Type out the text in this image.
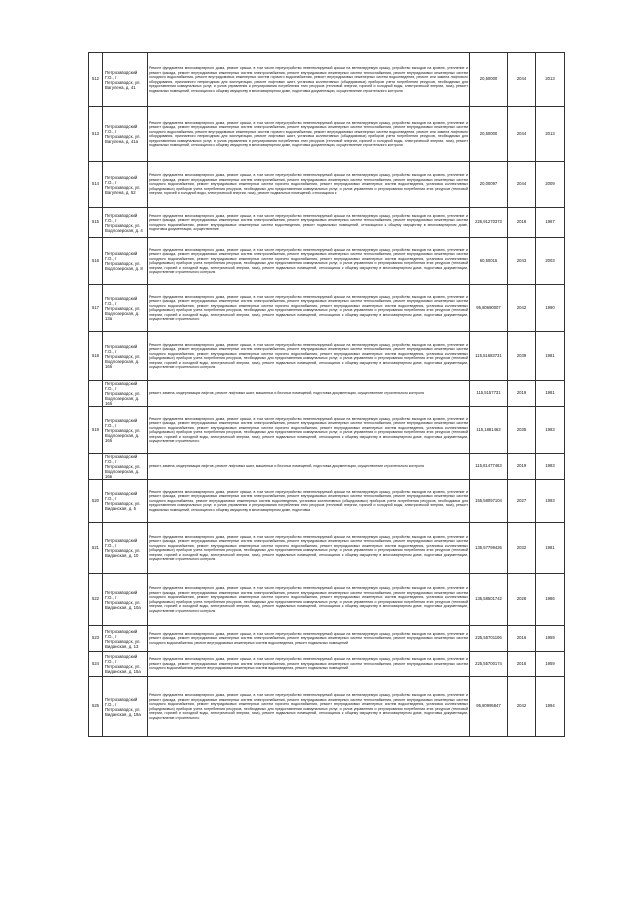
512	Петрозаводский Г.О., г Петрозаводск, ул. Вагулена, д. 41	Ремонт фундамента многоквартирного дома, ремонт крыши, в том числе переустройство невентилируемой крыши на вентилируемую крышу, устройство выходов на кровлю, утепление и ремонт фасада, ремонт внутридомовых инженерных систем электроснабжения, ремонт внутридомовых инженерных систем теплоснабжения, ремонт внутридомовых инженерных систем холодного водоснабжения, ремонт внутридомовых инженерных систем горячего водоснабжения, ремонт внутридомовых инженерных систем водоотведения, ремонт или замена лифтового оборудования, признанного непригодным для эксплуатации, ремонт лифтовых шахт, установка коллективных (общедомовых) приборов учета потребления ресурсов, необходимых для предоставления коммунальных услуг, и узлов управления и регулирования потребления этих ресурсов (тепловой энергии, горячей и холодной воды, электрической энергии, газа), ремонт подвальных помещений, относящихся к общему имуществу в многоквартирном доме, подготовка документации, осуществление строительного контроля	20,50000	2044	2013
513	Петрозаводский Г.О., г Петрозаводск, ул. Вагулена, д. 41а	Ремонт фундамента многоквартирного дома, ремонт крыши, в том числе переустройство невентилируемой крыши на вентилируемую крышу, устройство выходов на кровлю, утепление и ремонт фасада, ремонт внутридомовых инженерных систем электроснабжения, ремонт внутридомовых инженерных систем теплоснабжения, ремонт внутридомовых инженерных систем холодного водоснабжения, ремонт внутридомовых инженерных систем горячего водоснабжения, ремонт внутридомовых инженерных систем водоотведения, ремонт или замена лифтового оборудования, признанного непригодным для эксплуатации, ремонт лифтовых шахт, установка коллективных (общедомовых) приборов учета потребления ресурсов, необходимых для предоставления коммунальных услуг, и узлов управления и регулирования потребления этих ресурсов (тепловой энергии, горячей и холодной воды, электрической энергии, газа), ремонт подвальных помещений, относящихся к общему имуществу в многоквартирном доме, подготовка документации, осуществление строительного контроля	20,50000	2044	2013
514	Петрозаводский Г.О., г Петрозаводск, ул. Вагулена, д. 52	Ремонт фундамента многоквартирного дома, ремонт крыши, в том числе переустройство невентилируемой крыши на вентилируемую крышу, устройство выходов на кровлю, утепление и ремонт фасада, ремонт внутридомовых инженерных систем электроснабжения, ремонт внутридомовых инженерных систем теплоснабжения, ремонт внутридомовых инженерных систем холодного водоснабжения, ремонт внутридомовых инженерных систем горячего водоснабжения, ремонт внутридомовых инженерных систем водоотведения, установка коллективных (общедомовых) приборов учета потребления ресурсов, необходимых для предоставления коммунальных услуг, и узлов управления и регулирования потребления этих ресурсов (тепловой энергии, горячей и холодной воды, электрической энергии, газа), ремонт подвальных помещений, относящихся к	20,00097	2044	2009
515	Петрозаводский Г.О., г Петрозаводск, ул. Водлозерская, д. 4	Ремонт фундамента многоквартирного дома, ремонт крыши, в том числе переустройство невентилируемой крыши на вентилируемую крышу, устройство выходов на кровлю, утепление и ремонт фасада, ремонт внутридомовых инженерных систем электроснабжения, ремонт внутридомовых инженерных систем теплоснабжения, ремонт внутридомовых инженерных систем холодного водоснабжения, ремонт внутридомовых инженерных систем водоотведения, ремонт подвальных помещений, относящихся к общему имуществу в многоквартирном доме, подготовка документации, осуществление	226,91270373	2018	1967
516	Петрозаводский Г.О., г Петрозаводск, ул. Водлозерская, д. 8	Ремонт фундамента многоквартирного дома, ремонт крыши, в том числе переустройство невентилируемой крыши на вентилируемую крышу, устройство выходов на кровлю, утепление и ремонт фасада, ремонт внутридомовых инженерных систем электроснабжения, ремонт внутридомовых инженерных систем теплоснабжения, ремонт внутридомовых инженерных систем холодного водоснабжения, ремонт внутридомовых инженерных систем горячего водоснабжения, ремонт внутридомовых инженерных систем водоотведения, установка коллективных (общедомовых) приборов учета потребления ресурсов, необходимых для предоставления коммунальных услуг, и узлов управления и регулирования потребления этих ресурсов (тепловой энергии, горячей и холодной воды, электрической энергии, газа), ремонт подвальных помещений, относящихся к общему имуществу в многоквартирном доме, подготовка документации, осуществление строительного контроля	60,50015	2043	2003
517	Петрозаводский Г.О., г Петрозаводск, ул. Водлозерская, д. 13а	Ремонт фундамента многоквартирного дома, ремонт крыши, в том числе переустройство невентилируемой крыши на вентилируемую крышу, устройство выходов на кровлю, утепление и ремонт фасада, ремонт внутридомовых инженерных систем электроснабжения, ремонт внутридомовых инженерных систем теплоснабжения, ремонт внутридомовых инженерных систем холодного водоснабжения, ремонт внутридомовых инженерных систем горячего водоснабжения, ремонт внутридомовых инженерных систем водоотведения, установка коллективных (общедомовых) приборов учета потребления ресурсов, необходимых для предоставления коммунальных услуг, и узлов управления и регулирования потребления этих ресурсов (тепловой энергии, горячей и холодной воды, электрической энергии, газа), ремонт подвальных помещений, относящихся к общему имуществу в многоквартирном доме, подготовка документации, осуществление строительного	95,80690007	2042	1990
518	Петрозаводский Г.О., г Петрозаводск, ул. Водлозерская, д. 16б	Ремонт фундамента многоквартирного дома, ремонт крыши, в том числе переустройство невентилируемой крыши на вентилируемую крышу, устройство выходов на кровлю, утепление и ремонт фасада, ремонт внутридомовых инженерных систем электроснабжения, ремонт внутридомовых инженерных систем теплоснабжения, ремонт внутридомовых инженерных систем холодного водоснабжения, ремонт внутридомовых инженерных систем горячего водоснабжения, ремонт внутридомовых инженерных систем водоотведения, установка коллективных (общедомовых) приборов учета потребления ресурсов, необходимых для предоставления коммунальных услуг, и узлов управления и регулирования потребления этих ресурсов (тепловой энергии, горячей и холодной воды, электрической энергии, газа), ремонт подвальных помещений, относящихся к общему имуществу в многоквартирном доме, подготовка документации, осуществление строительного контроля	115,51683731	2039	1981
	Петрозаводский Г.О., г Петрозаводск, ул. Водлозерская, д. 16б	ремонт, замена, модернизация лифтов, ремонт лифтовых шахт, машинных и блочных помещений, подготовка документации, осуществление строительного контроля	115,5157731	2019	1981
519	Петрозаводский Г.О., г Петрозаводск, ул. Водлозерская, д. 16б	Ремонт фундамента многоквартирного дома, ремонт крыши, в том числе переустройство невентилируемой крыши на вентилируемую крышу, устройство выходов на кровлю, утепление и ремонт фасада, ремонт внутридомовых инженерных систем электроснабжения, ремонт внутридомовых инженерных систем теплоснабжения, ремонт внутридомовых инженерных систем холодного водоснабжения, ремонт внутридомовых инженерных систем горячего водоснабжения, ремонт внутридомовых инженерных систем водоотведения, установка коллективных (общедомовых) приборов учета потребления ресурсов, необходимых для предоставления коммунальных услуг, и узлов управления и регулирования потребления этих ресурсов (тепловой энергии, горячей и холодной воды, электрической энергии, газа), ремонт подвальных помещений, относящихся к общему имуществу в многоквартирном доме, подготовка документации, осуществление строительного	115,1881463	2035	1983
	Петрозаводский Г.О., г Петрозаводск, ул. Водлозерская, д. 16в	ремонт, замена, модернизация лифтов, ремонт лифтовых шахт, машинных и блочных помещений, подготовка документации, осуществление строительного контроля	115,81477463	2019	1983
520	Петрозаводский Г.О., г Петрозаводск, ул. Виданская, д. 5	Ремонт фундамента многоквартирного дома, ремонт крыши, в том числе переустройство невентилируемой крыши на вентилируемую крышу, устройство выходов на кровлю, утепление и ремонт фасада, ремонт внутридомовых инженерных систем электроснабжения, ремонт внутридомовых инженерных систем теплоснабжения, ремонт внутридомовых инженерных систем холодного водоснабжения, ремонт внутридомовых инженерных систем водоотведения, установка коллективных (общедомовых) приборов учета потребления ресурсов, необходимых для предоставления коммунальных услуг, и узлов управления и регулирования потребления этих ресурсов (тепловой энергии, горячей и холодной воды, электрической энергии, газа), ремонт подвальных помещений, относящихся к общему имуществу в многоквартирном доме, подготовка	155,58097104	2027	1993
521	Петрозаводский Г.О., г Петрозаводск, ул. Виданская, д. 10	Ремонт фундамента многоквартирного дома, ремонт крыши, в том числе переустройство невентилируемой крыши на вентилируемую крышу, устройство выходов на кровлю, утепление и ремонт фасада, ремонт внутридомовых инженерных систем электроснабжения, ремонт внутридомовых инженерных систем теплоснабжения, ремонт внутридомовых инженерных систем холодного водоснабжения, ремонт внутридомовых инженерных систем горячего водоснабжения, ремонт внутридомовых инженерных систем водоотведения, установка коллективных (общедомовых) приборов учета потребления ресурсов, необходимых для предоставления коммунальных услуг, и узлов управления и регулирования потребления этих ресурсов (тепловой энергии, горячей и холодной воды, электрической энергии, газа), ремонт подвальных помещений, относящихся к общему имуществу в многоквартирном доме, подготовка документации, осуществление строительного контроля	135,57799426	2032	1981
522	Петрозаводский Г.О., г Петрозаводск, ул. Виданская, д. 10а	Ремонт фундамента многоквартирного дома, ремонт крыши, в том числе переустройство невентилируемой крыши на вентилируемую крышу, устройство выходов на кровлю, утепление и ремонт фасада, ремонт внутридомовых инженерных систем электроснабжения, ремонт внутридомовых инженерных систем теплоснабжения, ремонт внутридомовых инженерных систем холодного водоснабжения, ремонт внутридомовых инженерных систем горячего водоснабжения, ремонт внутридомовых инженерных систем водоотведения, установка коллективных (общедомовых) приборов учета потребления ресурсов, необходимых для предоставления коммунальных услуг, и узлов управления и регулирования потребления этих ресурсов (тепловой энергии, горячей и холодной воды, электрической энергии, газа), ремонт подвальных помещений, относящихся к общему имуществу в многоквартирном доме, подготовка документации, осуществление строительного контроля	135,58501742	2028	1986
523	Петрозаводский Г.О., г Петрозаводск, ул. Виданская, д. 13	Ремонт фундамента многоквартирного дома, ремонт крыши, в том числе переустройство невентилируемой крыши на вентилируемую крышу, устройство выходов на кровлю, утепление и ремонт фасада, ремонт внутридомовых инженерных систем электроснабжения, ремонт внутридомовых инженерных систем теплоснабжения, ремонт внутридомовых инженерных систем холодного водоснабжения, ремонт внутридомовых инженерных систем водоотведения, ремонт подвальных помещений	225,55701106	2016	1959
524	Петрозаводский Г.О., г Петрозаводск, ул. Виданская, д. 15а	Ремонт фундамента многоквартирного дома, ремонт крыши, в том числе переустройство невентилируемой крыши на вентилируемую крышу, устройство выходов на кровлю, утепление и ремонт фасада, ремонт внутридомовых инженерных систем электроснабжения, ремонт внутридомовых инженерных систем теплоснабжения, ремонт внутридомовых инженерных систем холодного водоснабжения, ремонт внутридомовых инженерных систем водоотведения, ремонт подвальных помещений	225,55700174	2016	1959
525	Петрозаводский Г.О., г Петрозаводск, ул. Виданская, д. 19а	Ремонт фундамента многоквартирного дома, ремонт крыши, в том числе переустройство невентилируемой крыши на вентилируемую крышу, устройство выходов на кровлю, утепление и ремонт фасада, ремонт внутридомовых инженерных систем электроснабжения, ремонт внутридомовых инженерных систем теплоснабжения, ремонт внутридомовых инженерных систем холодного водоснабжения, ремонт внутридомовых инженерных систем горячего водоснабжения, ремонт внутридомовых инженерных систем водоотведения, установка коллективных (общедомовых) приборов учета потребления ресурсов, необходимых для предоставления коммунальных услуг, и узлов управления и регулирования потребления этих ресурсов (тепловой энергии, горячей и холодной воды, электрической энергии, газа), ремонт подвальных помещений, относящихся к общему имуществу в многоквартирном доме, подготовка документации, осуществление строительного	95,80995847	2042	1994
